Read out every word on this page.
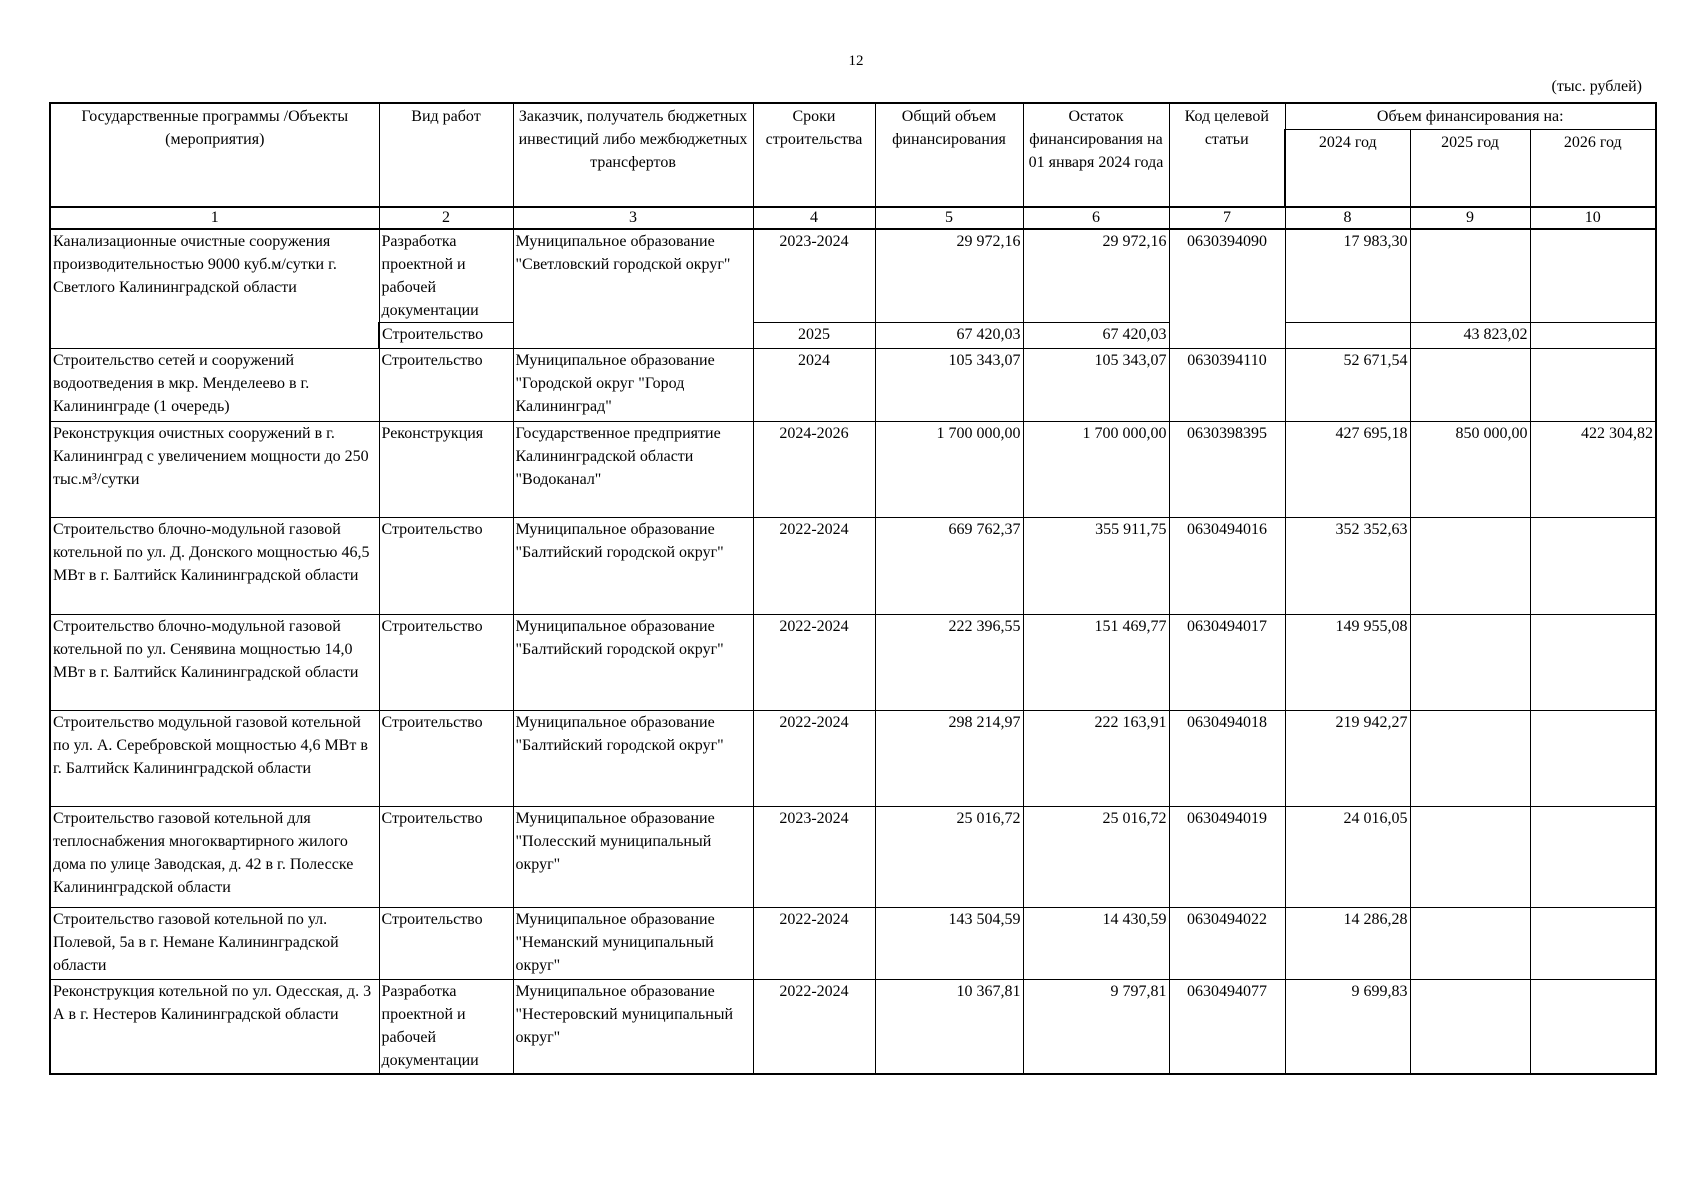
12
(тыс. рублей)
Государственные программы /Объекты (мероприятия)	Вид работ	Заказчик, получатель бюджетных инвестиций либо межбюджетных трансфертов	Сроки строительства	Общий объем финансирования	Остаток финансирования на 01 января 2024 года	Код целевой статьи	Объем финансирования на:		
							2024 год	2025 год	2026 год
1	2	3	4	5	6	7	8	9	10
Канализационные очистные сооружения производительностью 9000 куб.м/сутки г. Светлого Калининградской области	Разработка проектной и рабочей документации	Муниципальное образование "Светловский городской округ"	2023-2024	29 972,16	29 972,16	0630394090	17 983,30		
	Строительство		2025	67 420,03	67 420,03			43 823,02	
Строительство сетей и сооружений водоотведения в мкр. Менделеево в г. Калининграде (1 очередь)	Строительство	Муниципальное образование "Городской округ "Город Калининград"	2024	105 343,07	105 343,07	0630394110	52 671,54		
Реконструкция очистных сооружений в г. Калининград с увеличением мощности до 250 тыс.м³/сутки	Реконструкция	Государственное предприятие Калининградской области "Водоканал"	2024-2026	1 700 000,00	1 700 000,00	0630398395	427 695,18	850 000,00	422 304,82
Строительство блочно-модульной газовой котельной по ул. Д. Донского мощностью 46,5 МВт в г. Балтийск Калининградской области	Строительство	Муниципальное образование "Балтийский городской округ"	2022-2024	669 762,37	355 911,75	0630494016	352 352,63		
Строительство блочно-модульной газовой котельной по ул. Сенявина мощностью 14,0 МВт в г. Балтийск Калининградской области	Строительство	Муниципальное образование "Балтийский городской округ"	2022-2024	222 396,55	151 469,77	0630494017	149 955,08		
Строительство модульной газовой котельной по ул. А. Серебровской мощностью 4,6 МВт в г. Балтийск Калининградской области	Строительство	Муниципальное образование "Балтийский городской округ"	2022-2024	298 214,97	222 163,91	0630494018	219 942,27		
Строительство газовой котельной для теплоснабжения многоквартирного жилого дома по улице Заводская, д. 42 в г. Полесске Калининградской области	Строительство	Муниципальное образование "Полесский муниципальный округ"	2023-2024	25 016,72	25 016,72	0630494019	24 016,05		
Строительство газовой котельной по ул. Полевой, 5а в г. Немане Калининградской области	Строительство	Муниципальное образование "Неманский муниципальный округ"	2022-2024	143 504,59	14 430,59	0630494022	14 286,28		
Реконструкция котельной по ул. Одесская, д. 3 А в г. Нестеров Калининградской области	Разработка проектной и рабочей документации	Муниципальное образование "Нестеровский муниципальный округ"	2022-2024	10 367,81	9 797,81	0630494077	9 699,83		
